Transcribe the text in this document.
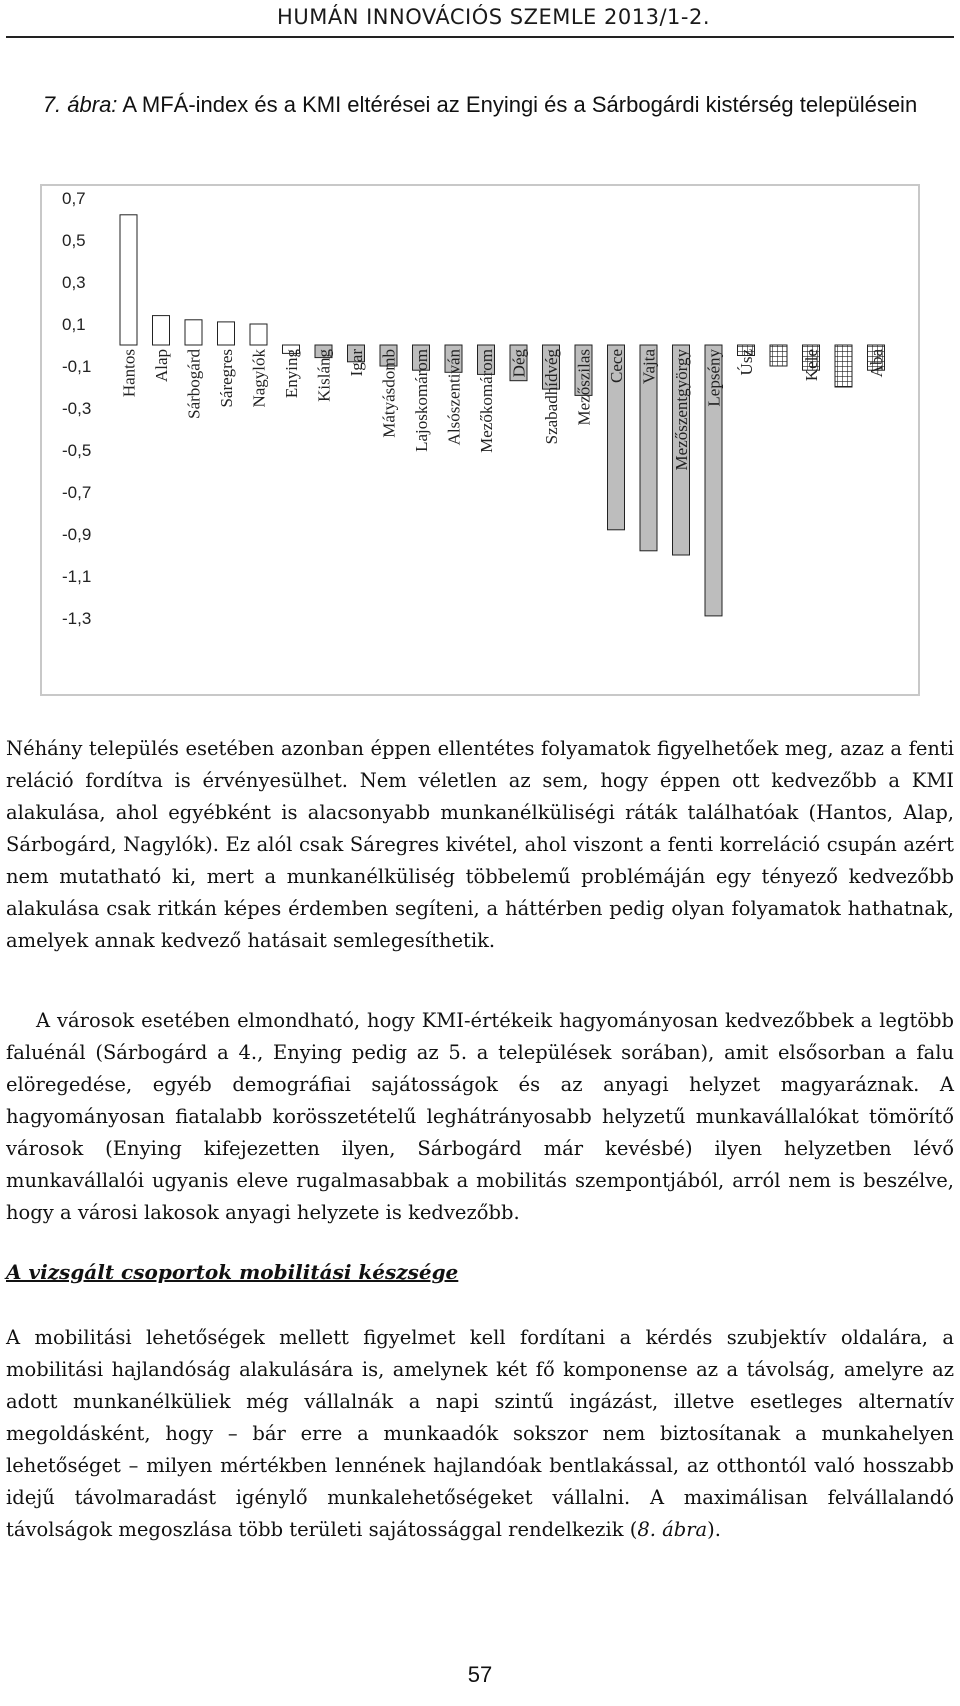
HUMÁN INNOVÁCIÓS SZEMLE 2013/1-2.
7. ábra: A MFÁ-index és a KMI eltérései az Enyingi és a Sárbogárdi kistérség településein
0,7
0,5
0,3
0,1
-0,1
-0,3
-0,5
-0,7
-0,9
-1,1
-1,3
Hantos Alap Sárbogárd Sáregres Nagylók Enying Kisláng Igar Mátyásdomb Lajoskomárom Alsószentiván Mezőkomárom Dég Szabadhídvég Mezőszilas Cece Vajta Mezőszentgyörgy Lepsény Úsz	Kele	Aba
Néhány település esetében azonban éppen ellentétes folyamatok figyelhetőek meg, azaz a fenti reláció fordítva is érvényesülhet. Nem véletlen az sem, hogy éppen ott kedvezőbb a KMI alakulása, ahol egyébként is alacsonyabb munkanélküliségi ráták találhatóak (Hantos, Alap, Sárbogárd, Nagylók). Ez alól csak Sáregres kivétel, ahol viszont a fenti korreláció csupán azért nem mutatható ki, mert a munkanélküliség többelemű problémáján egy tényező kedvezőbb alakulása csak ritkán képes érdemben segíteni, a háttérben pedig olyan folyamatok hathatnak, amelyek annak kedvező hatásait semlegesíthetik.
A városok esetében elmondható, hogy KMI-értékeik hagyományosan kedvezőbbek a legtöbb faluénál (Sárbogárd a 4., Enying pedig az 5. a települések sorában), amit elsősorban a falu elöregedése, egyéb demográfiai sajátosságok és az anyagi helyzet magyaráznak. A hagyományosan fiatalabb korösszetételű leghátrányosabb helyzetű munkavállalókat tömörítő városok (Enying kifejezetten ilyen, Sárbogárd már kevésbé) ilyen helyzetben lévő munkavállalói ugyanis eleve rugalmasabbak a mobilitás szempontjából, arról nem is beszélve, hogy a városi lakosok anyagi helyzete is kedvezőbb.
A vizsgált csoportok mobilitási készsége
A mobilitási lehetőségek mellett figyelmet kell fordítani a kérdés szubjektív oldalára, a mobilitási hajlandóság alakulására is, amelynek két fő komponense az a távolság, amelyre az adott munkanélküliek még vállalnák a napi szintű ingázást, illetve esetleges alternatív megoldásként, hogy – bár erre a munkaadók sokszor nem biztosítanak a munkahelyen lehetőséget – milyen mértékben lennének hajlandóak bentlakással, az otthontól való hosszabb idejű távolmaradást igénylő munkalehetőségeket vállalni. A maximálisan felvállalandó távolságok megoszlása több területi sajátossággal rendelkezik (8. ábra).
57
